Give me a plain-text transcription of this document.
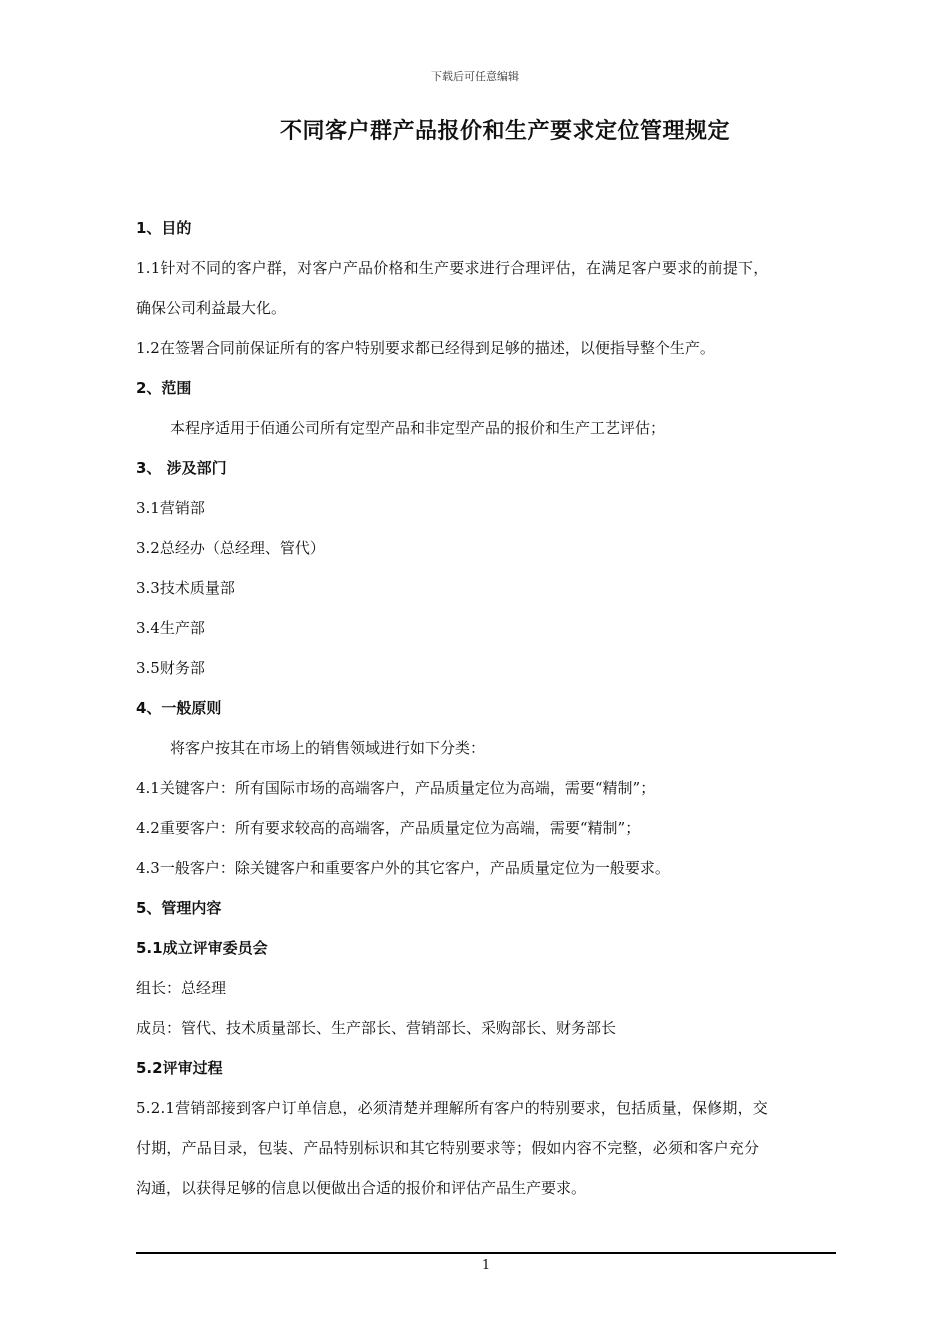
下载后可任意编辑
不同客户群产品报价和生产要求定位管理规定
1、目的
1.1针对不同的客户群，对客户产品价格和生产要求进行合理评估，在满足客户要求的前提下，
确保公司利益最大化。
1.2在签署合同前保证所有的客户特别要求都已经得到足够的描述，以便指导整个生产。
2、范围
本程序适用于佰通公司所有定型产品和非定型产品的报价和生产工艺评估；
3、 涉及部门
3.1营销部
3.2总经办（总经理、管代）
3.3技术质量部
3.4生产部
3.5财务部
4、一般原则
将客户按其在市场上的销售领域进行如下分类：
4.1关键客户：所有国际市场的高端客户，产品质量定位为高端，需要“精制”；
4.2重要客户：所有要求较高的高端客，产品质量定位为高端，需要“精制”；
4.3一般客户：除关键客户和重要客户外的其它客户，产品质量定位为一般要求。
5、管理内容
5.1成立评审委员会
组长：总经理
成员：管代、技术质量部长、生产部长、营销部长、采购部长、财务部长
5.2评审过程
5.2.1营销部接到客户订单信息，必须清楚并理解所有客户的特别要求，包括质量，保修期，交
付期，产品目录，包装、产品特别标识和其它特别要求等；假如内容不完整，必须和客户充分
沟通，以获得足够的信息以便做出合适的报价和评估产品生产要求。
1
